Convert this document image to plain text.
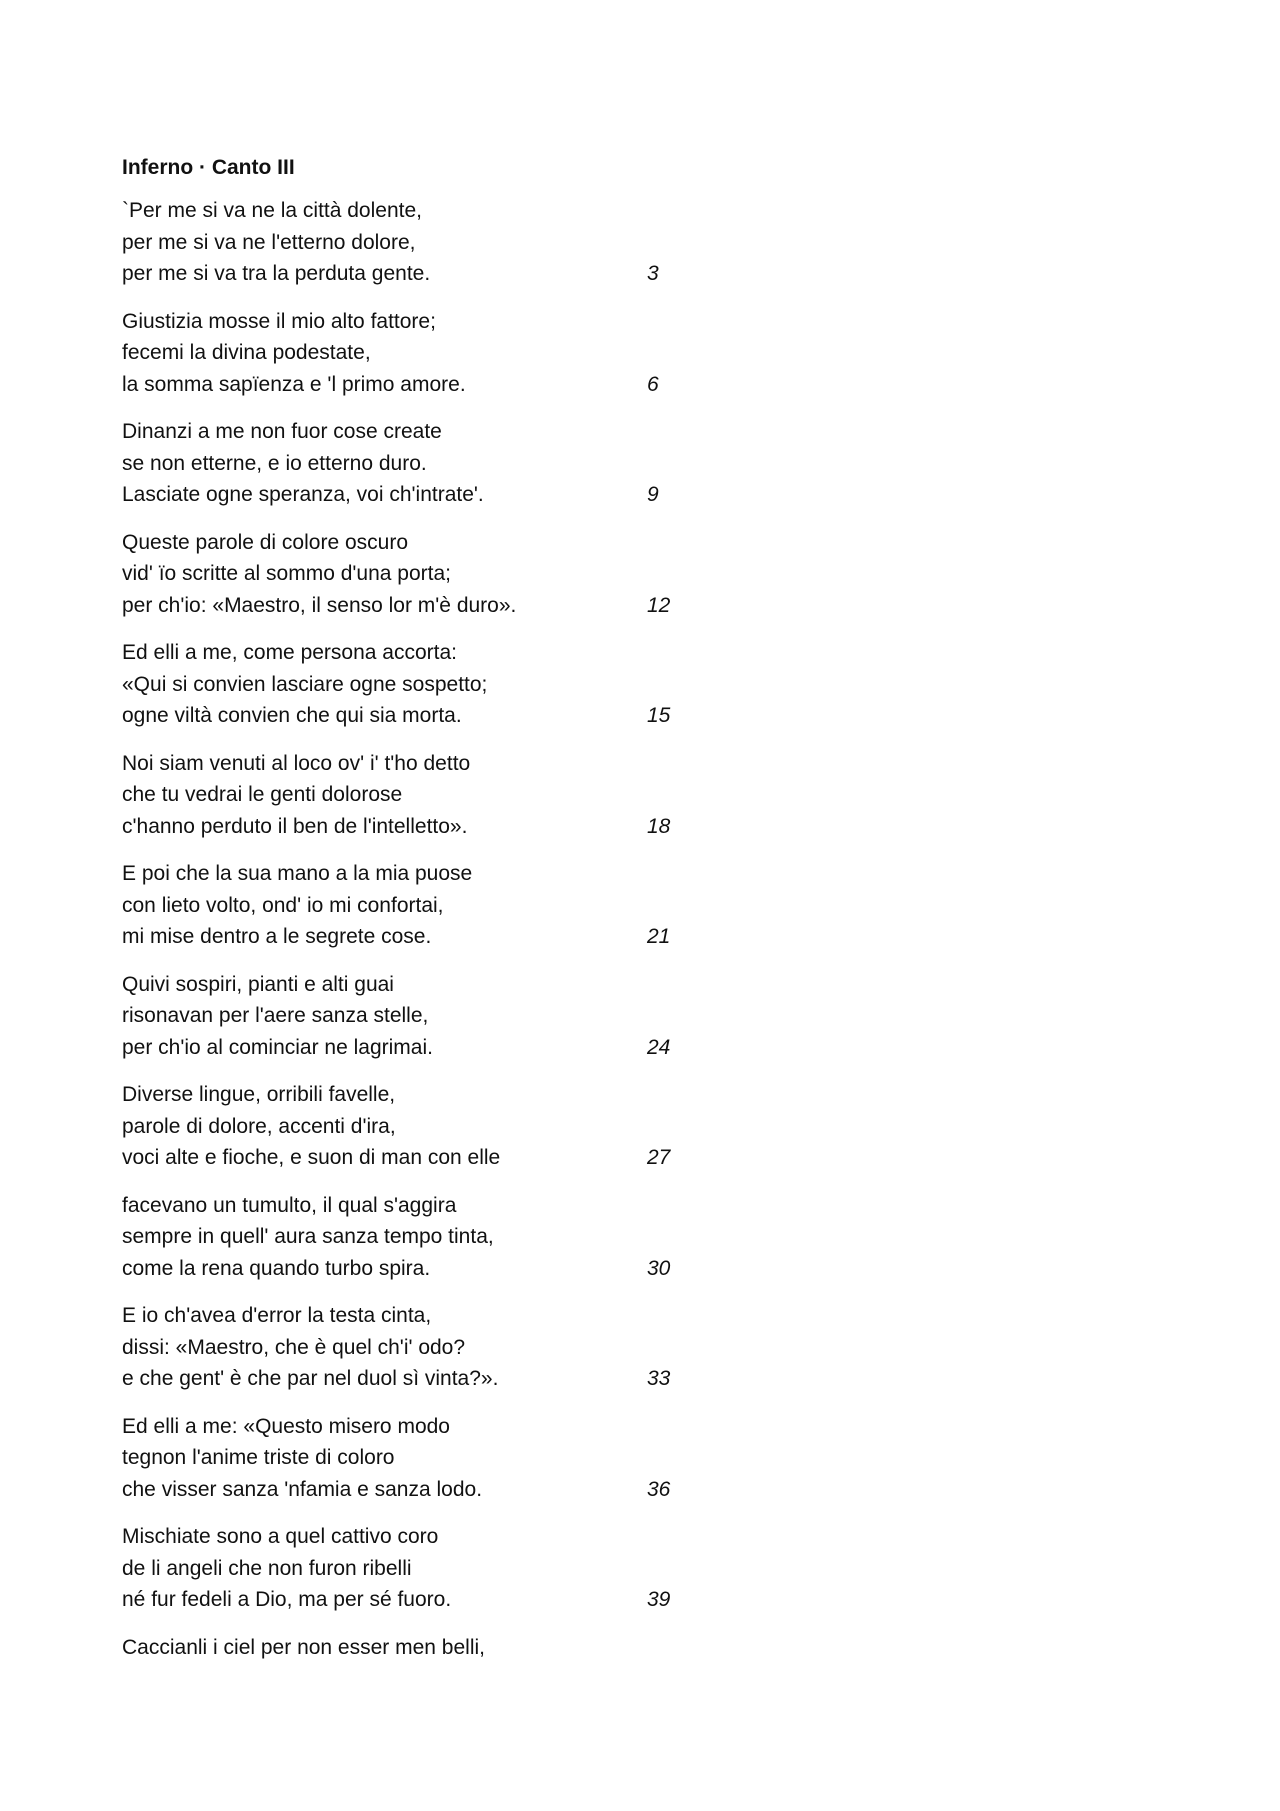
Inferno · Canto III
`Per me si va ne la città dolente,
per me si va ne l'etterno dolore,
per me si va tra la perduta gente.	3
Giustizia mosse il mio alto fattore;
fecemi la divina podestate,
la somma sapïenza e 'l primo amore.	6
Dinanzi a me non fuor cose create
se non etterne, e io etterno duro.
Lasciate ogne speranza, voi ch'intrate'.	9
Queste parole di colore oscuro
vid' ïo scritte al sommo d'una porta;
per ch'io: «Maestro, il senso lor m'è duro».	12
Ed elli a me, come persona accorta:
«Qui si convien lasciare ogne sospetto;
ogne viltà convien che qui sia morta.	15
Noi siam venuti al loco ov' i' t'ho detto
che tu vedrai le genti dolorose
c'hanno perduto il ben de l'intelletto».	18
E poi che la sua mano a la mia puose
con lieto volto, ond' io mi confortai,
mi mise dentro a le segrete cose.	21
Quivi sospiri, pianti e alti guai
risonavan per l'aere sanza stelle,
per ch'io al cominciar ne lagrimai.	24
Diverse lingue, orribili favelle,
parole di dolore, accenti d'ira,
voci alte e fioche, e suon di man con elle	27
facevano un tumulto, il qual s'aggira
sempre in quell' aura sanza tempo tinta,
come la rena quando turbo spira.	30
E io ch'avea d'error la testa cinta,
dissi: «Maestro, che è quel ch'i' odo?
e che gent' è che par nel duol sì vinta?».	33
Ed elli a me: «Questo misero modo
tegnon l'anime triste di coloro
che visser sanza 'nfamia e sanza lodo.	36
Mischiate sono a quel cattivo coro
de li angeli che non furon ribelli
né fur fedeli a Dio, ma per sé fuoro.	39
Caccianli i ciel per non esser men belli,
